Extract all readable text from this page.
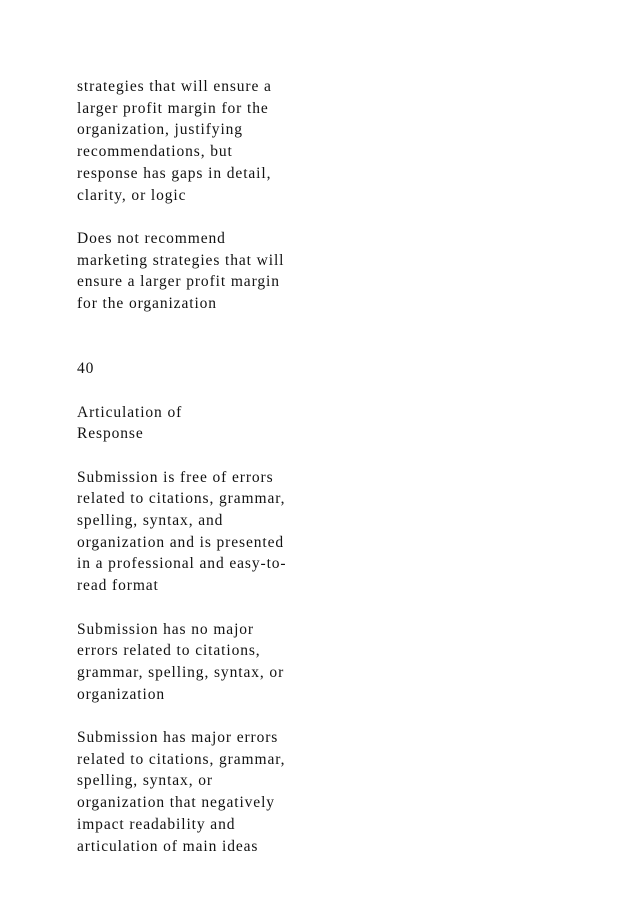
strategies that will ensure a
larger profit margin for the
organization, justifying
recommendations, but
response has gaps in detail,
clarity, or logic

Does not recommend
marketing strategies that will
ensure a larger profit margin
for the organization

40

Articulation of
Response

Submission is free of errors
related to citations, grammar,
spelling, syntax, and
organization and is presented
in a professional and easy-to-
read format

Submission has no major
errors related to citations,
grammar, spelling, syntax, or
organization

Submission has major errors
related to citations, grammar,
spelling, syntax, or
organization that negatively
impact readability and
articulation of main ideas
